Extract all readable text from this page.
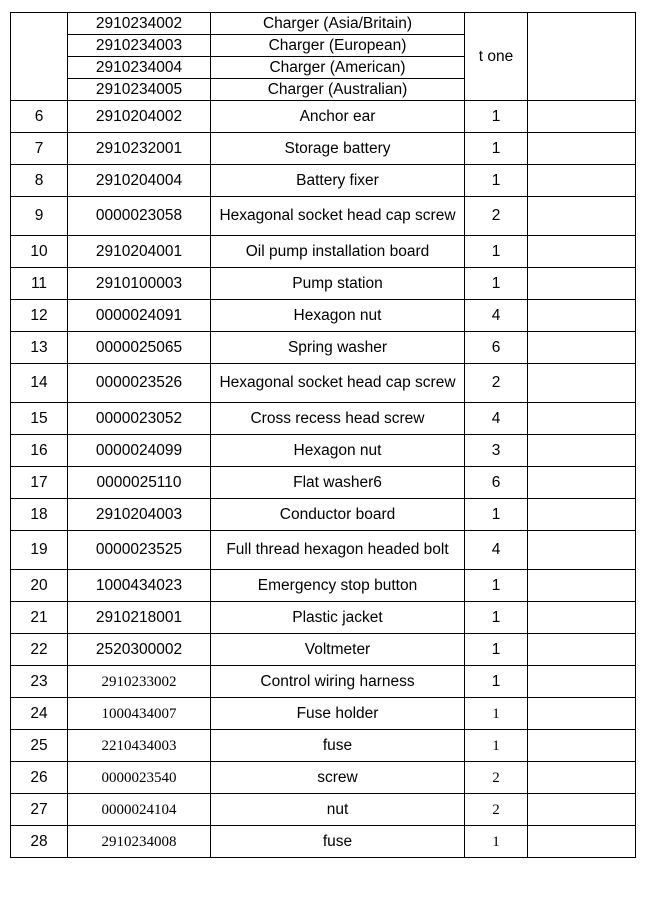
	2910234002	Charger (Asia/Britain)	t one	
	2910234003	Charger (European)		
	2910234004	Charger (American)		
	2910234005	Charger (Australian)		
6	2910204002	Anchor ear	1	
7	2910232001	Storage battery	1	
8	2910204004	Battery fixer	1	
9	0000023058	Hexagonal socket head cap screw	2	
10	2910204001	Oil pump installation board	1	
11	2910100003	Pump station	1	
12	0000024091	Hexagon nut	4	
13	0000025065	Spring washer	6	
14	0000023526	Hexagonal socket head cap screw	2	
15	0000023052	Cross recess head screw	4	
16	0000024099	Hexagon nut	3	
17	0000025110	Flat washer6	6	
18	2910204003	Conductor board	1	
19	0000023525	Full thread hexagon headed bolt	4	
20	1000434023	Emergency stop button	1	
21	2910218001	Plastic jacket	1	
22	2520300002	Voltmeter	1	
23	2910233002	Control wiring harness	1	
24	1000434007	Fuse holder	1	
25	2210434003	fuse	1	
26	0000023540	screw	2	
27	0000024104	nut	2	
28	2910234008	fuse	1	
